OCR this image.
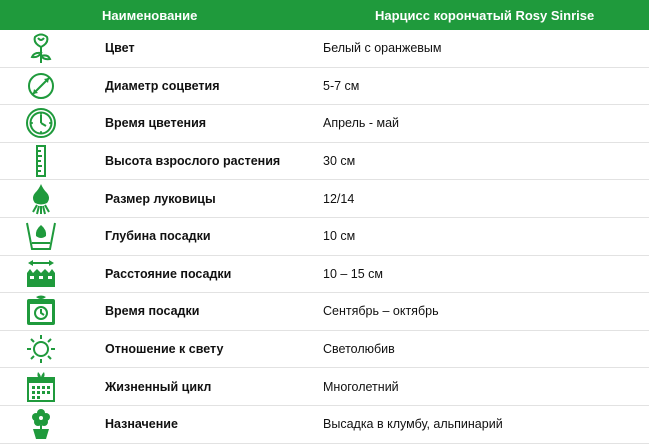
Наименование	Нарцисс корончатый Rosy Sinrise
Цвет	Белый с оранжевым
Диаметр соцветия	5-7 см
Время цветения	Апрель - май
Высота взрослого растения	30 см
Размер луковицы	12/14
Глубина посадки	10 см
Расстояние посадки	10 – 15 см
Время посадки	Сентябрь – октябрь
Отношение к свету	Светолюбив
Жизненный цикл	Многолетний
Назначение	Высадка в клумбу, альпинарий
